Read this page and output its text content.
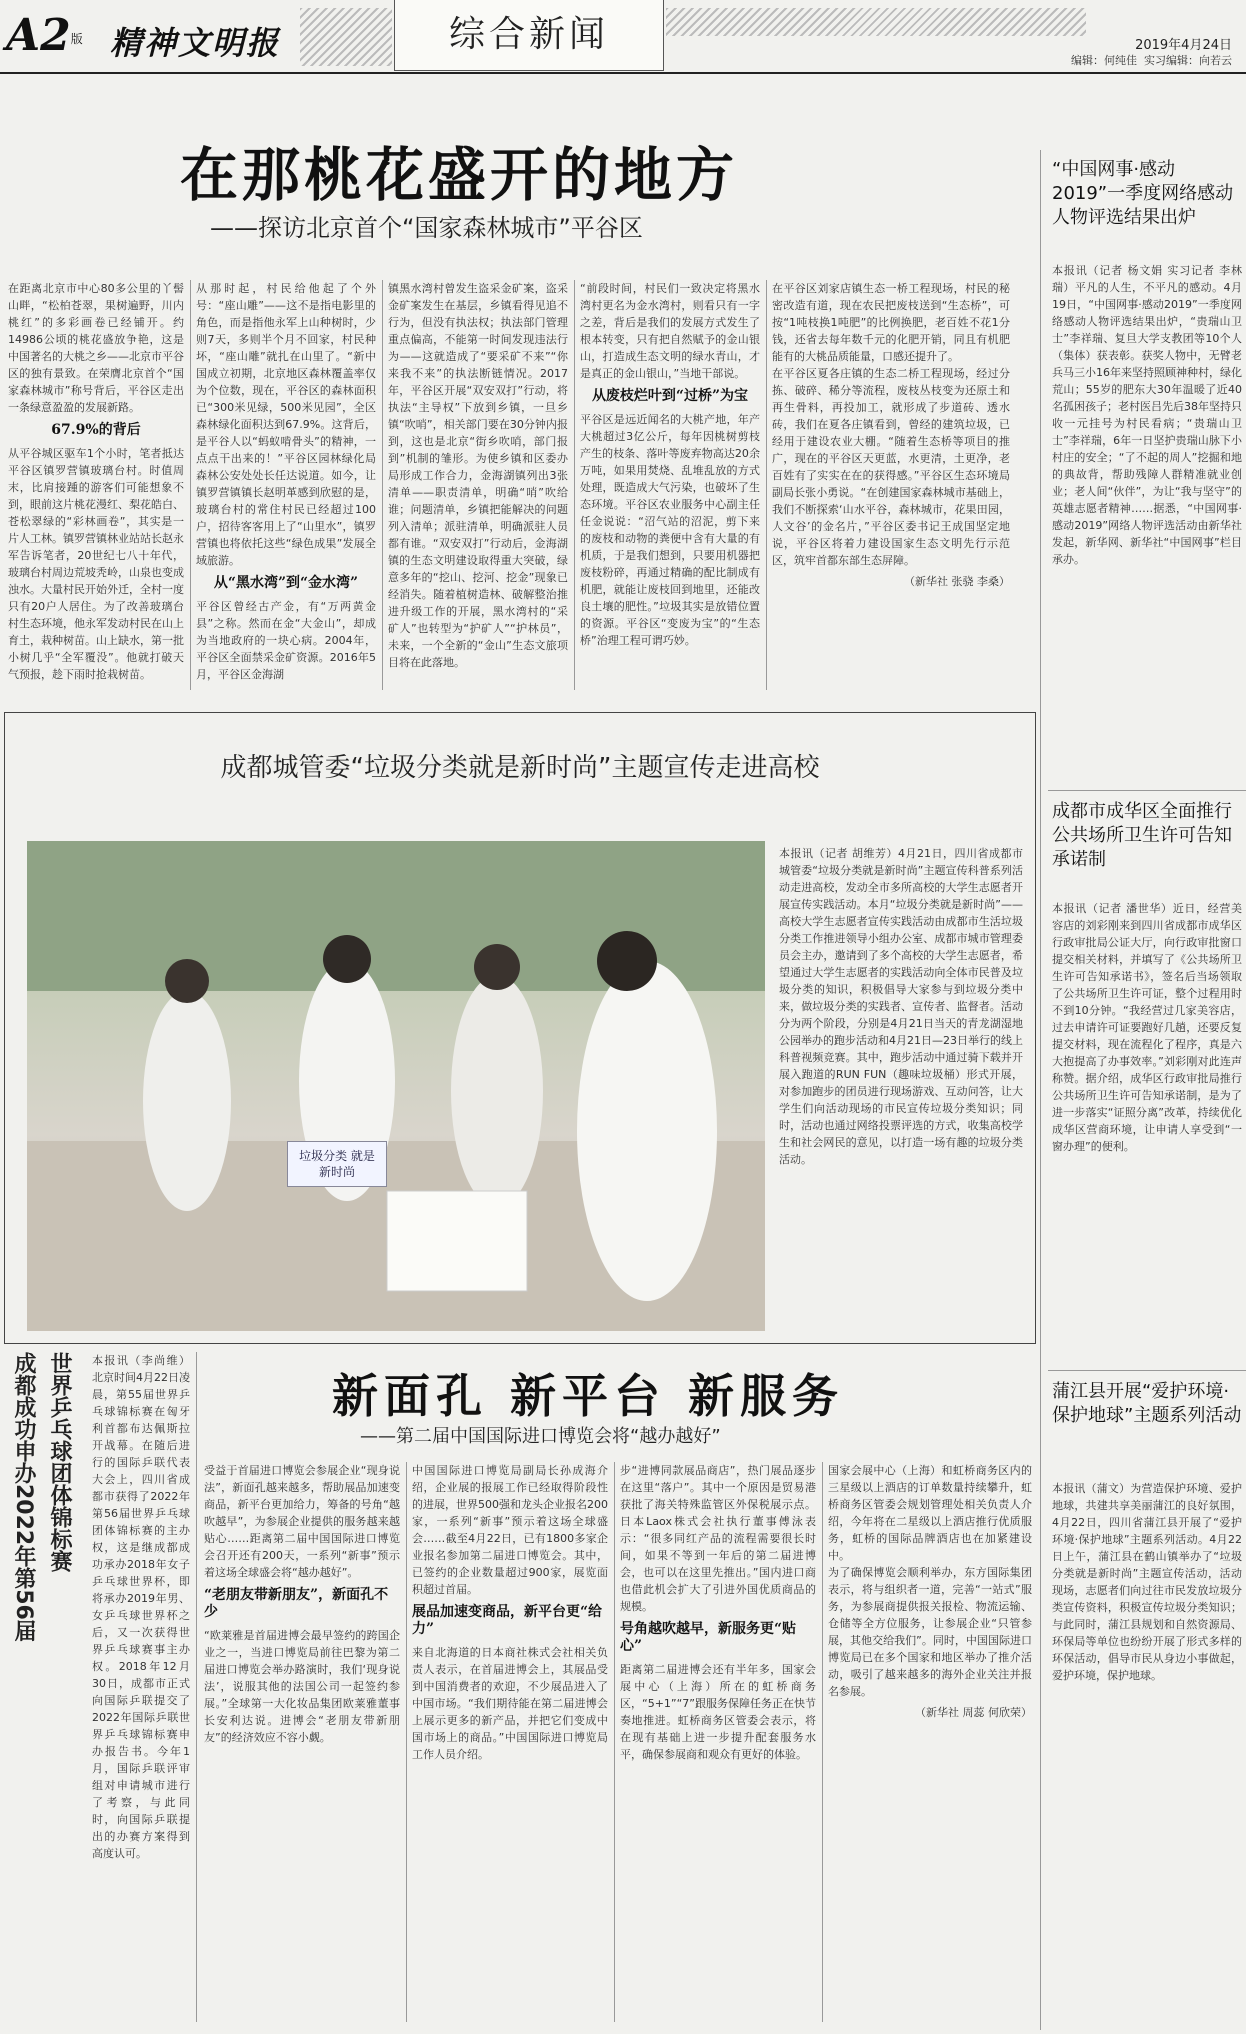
A2版 精神文明报	综合新闻	2019年4月24日
编辑：何纯佳 实习编辑：向若云
在那桃花盛开的地方
——探访北京首个“国家森林城市”平谷区

在距离北京市中心80多公里的丫髻山畔，“松柏苍翠，果树遍野，川内桃红”的多彩画卷已经铺开。约14986公顷的桃花盛放争艳，这是中国著名的大桃之乡——北京市平谷区的独有景致。在荣膺北京首个“国家森林城市”称号背后，平谷区走出一条绿意盈盈的发展新路。

67.9%的背后

从平谷城区驱车1个小时，笔者抵达平谷区镇罗营镇玻璃台村。时值周末，比肩接踵的游客们可能想象不到，眼前这片桃花漫红、梨花皓白、苍松翠绿的“彩林画卷”，其实是一片人工林。镇罗营镇林业站站长赵永军告诉笔者，20世纪七八十年代，玻璃台村周边荒坡秃岭，山泉也变成浊水。大量村民开始外迁，全村一度只有20户人居住。为了改善玻璃台村生态环境，他永军发动村民在山上育土，栽种树苗。山上缺水，第一批小树几乎“全军覆没”。他就打破天气预报，趁下雨时抢栽树苗。

从那时起，村民给他起了个外号：“座山雕”——这不是指电影里的角色，而是指他永军上山种树时，少则7天，多则半个月不回家，村民种坏，“座山雕”就扎在山里了。“新中国成立初期，北京地区森林覆盖率仅为个位数，现在，平谷区的森林面积已“300米见绿，500米见园”，全区森林绿化面积达到67.9%。这背后，是平谷人以“蚂蚁啃骨头”的精神，一点点干出来的！”平谷区园林绿化局森林公安处处长任达说道。如今，让镇罗营镇镇长赵明革感到欣慰的是，玻璃台村的常住村民已经超过100户，招待客客用上了“山里水”，镇罗营镇也将依托这些“绿色成果”发展全域旅游。

从“黑水湾”到“金水湾”

平谷区曾经古产金，有“万两黄金县”之称。然而在金“大金山”，却成为当地政府的一块心病。2004年，平谷区全面禁采金矿资源。2016年5月，平谷区金海湖

镇黑水湾村曾发生盗采金矿案，盗采金矿案发生在基层，乡镇看得见追不行为，但没有执法权；执法部门管理重点偏高，不能第一时间发现违法行为——这就造成了“要采矿不来”“你来我不来”的执法断链情况。2017年，平谷区开展“双安双打”行动，将执法“主导权”下放到乡镇，一旦乡镇“吹哨”，相关部门要在30分钟内报到，这也是北京“街乡吹哨，部门报到”机制的雏形。为使乡镇和区委办局形成工作合力，金海湖镇列出3张清单——职责清单，明确“哨”吹给谁；问题清单，乡镇把能解决的问题列入清单；派驻清单，明确派驻人员都有谁。“双安双打”行动后，金海湖镇的生态文明建设取得重大突破，绿意多年的“挖山、挖河、挖金”现象已经消失。随着植树造林、破解整治推进升级工作的开展，黑水湾村的“采矿人”也转型为“护矿人”“护林员”，未来，一个全新的“金山”生态文旅项目将在此落地。

“前段时间，村民们一致决定将黑水湾村更名为金水湾村，则看只有一字之差，背后是我们的发展方式发生了根本转变，只有把自然赋予的金山银山，打造成生态文明的绿水青山，才是真正的金山银山，”当地干部说。

从废枝烂叶到“过桥”为宝

平谷区是远近闻名的大桃产地，年产大桃超过3亿公斤，每年因桃树剪枝产生的枝条、落叶等废弃物高达20余万吨，如果用焚烧、乱堆乱放的方式处理，既造成大气污染，也破坏了生态环境。平谷区农业服务中心副主任任金说说：“沼气站的沼泥，剪下来的废枝和动物的粪便中含有大量的有机质，于是我们想到，只要用机器把废枝粉碎，再通过精确的配比制成有机肥，就能让废枝回到地里，还能改良土壤的肥性。”垃圾其实是放错位置的资源。平谷区“变废为宝”的“生态桥”治理工程可谓巧妙。

在平谷区刘家店镇生态一桥工程现场，村民的秘密改造有道，现在农民把废枝送到“生态桥”，可按“1吨枝换1吨肥”的比例换肥，老百姓不花1分钱，还省去每年数千元的化肥开销，同且有机肥能有的大桃品质能量，口感还提升了。

在平谷区夏各庄镇的生态二桥工程现场，经过分拣、破碎、稀分等流程，废枝丛枝变为还原土和再生骨料，再投加工，就形成了步道砖、透水砖，我们在夏各庄镇看到，曾经的建筑垃圾，已经用于建设农业大棚。“随着生态桥等项目的推广，现在的平谷区天更蓝，水更清，土更净，老百姓有了实实在在的获得感。”平谷区生态环境局副局长张小勇说。“在创建国家森林城市基础上，我们不断探索‘山水平谷，森林城市，花果田园，人文谷’的金名片，”平谷区委书记王成国坚定地说，平谷区将着力建设国家生态文明先行示范区，筑牢首都东部生态屏障。

（新华社 张骁 李桑）
“中国网事·感动2019”一季度网络感动人物评选结果出炉

本报讯（记者 杨文娟 实习记者 李林瑞）平凡的人生，不平凡的感动。4月19日，“中国网事·感动2019”一季度网络感动人物评选结果出炉，“贵瑞山卫士”李祥瑞、复旦大学支教团等10个人（集体）获表彰。获奖人物中，无臂老兵马三小16年来坚持照顾神种村，绿化荒山；55岁的肥东大30年温暖了近40名孤困孩子；老村医吕先后38年坚持只收一元挂号为村民看病；“贵瑞山卫士”李祥瑞，6年一日坚护贵瑞山脉下小村庄的安全；“了不起的周人”挖掘和地的典故背，帮助残障人群精准就业创业；老人间“伙伴”，为让“我与坚守”的英雄志愿者精神……据悉，“中国网事·感动2019”网络人物评选活动由新华社发起，新华网、新华社“中国网事”栏目承办。

成都市成华区全面推行公共场所卫生许可告知承诺制

本报讯（记者 潘世华）近日，经营美容店的刘彩刚来到四川省成都市成华区行政审批局公证大厅，向行政审批窗口提交相关材料，并填写了《公共场所卫生许可告知承诺书》，签名后当场领取了公共场所卫生许可证，整个过程用时不到10分钟。“我经营过几家美容店，过去申请许可证要跑好几趟，还要反复提交材料，现在流程化了程序，真是六大抱提高了办事效率。”刘彩刚对此连声称赞。据介绍，成华区行政审批局推行公共场所卫生许可告知承诺制，是为了进一步落实“证照分离”改革，持续优化成华区营商环境，让申请人享受到“一窗办理”的便利。

蒲江县开展“爱护环境·保护地球”主题系列活动

本报讯（蒲文）为营造保护环境、爱护地球，共建共享美丽蒲江的良好氛围，4月22日，四川省蒲江县开展了“爱护环境·保护地球”主题系列活动。4月22日上午，蒲江县在鹤山镇举办了“垃圾分类就是新时尚”主题宣传活动，活动现场，志愿者们向过往市民发放垃圾分类宣传资料，积极宣传垃圾分类知识；与此同时，蒲江县规划和自然资源局、环保局等单位也纷纷开展了形式多样的环保活动，倡导市民从身边小事做起，爱护环境，保护地球。

成都城管委“垃圾分类就是新时尚”主题宣传走进高校
垃圾分类 就是新时尚

本报讯（记者 胡维芳）4月21日，四川省成都市城管委“垃圾分类就是新时尚”主题宣传科普系列活动走进高校，发动全市多所高校的大学生志愿者开展宣传实践活动。本月“垃圾分类就是新时尚”——高校大学生志愿者宣传实践活动由成都市生活垃圾分类工作推进领导小组办公室、成都市城市管理委员会主办，邀请到了多个高校的大学生志愿者，希望通过大学生志愿者的实践活动向全体市民普及垃圾分类的知识，积极倡导大家参与到垃圾分类中来，做垃圾分类的实践者、宣传者、监督者。活动分为两个阶段，分别是4月21日当天的青龙湖湿地公园举办的跑步活动和4月21日—23日举行的线上科普视频竞赛。其中，跑步活动中通过骑下载并开展入跑道的RUN FUN（趣味垃圾桶）形式开展，对参加跑步的团员进行现场游戏、互动问答，让大学生们向活动现场的市民宣传垃圾分类知识；同时，活动也通过网络投票评选的方式，收集高校学生和社会网民的意见，以打造一场有趣的垃圾分类活动。

成都成功申办2022年第56届 世界乒乓球团体锦标赛	本报讯（李尚维）北京时间4月22日凌晨，第55届世界乒乓球锦标赛在匈牙利首都布达佩斯拉开战幕。在随后进行的国际乒联代表大会上，四川省成都市获得了2022年第56届世界乒乓球团体锦标赛的主办权，这是继成都成功承办2018年女子乒乓球世界杯，即将承办2019年男、女乒乓球世界杯之后，又一次获得世界乒乓球赛事主办权。2018年12月30日，成都市正式向国际乒联提交了2022年国际乒联世界乒乓球锦标赛申办报告书。今年1月，国际乒联评审组对申请城市进行了考察，与此同时，向国际乒联提出的办赛方案得到高度认可。

新面孔 新平台 新服务
——第二届中国国际进口博览会将“越办越好”

受益于首届进口博览会参展企业“现身说法”，新面孔越来越多，帮助展品加速变商品，新平台更加给力，筹备的号角“越吹越早”，为参展企业提供的服务越来越贴心……距离第二届中国国际进口博览会召开还有200天，一系列“新事”预示着这场全球盛会将“越办越好”。

“老朋友带新朋友”，新面孔不少

“欧莱雅是首届进博会最早签约的跨国企业之一，当进口博览局前往巴黎为第二届进口博览会举办路演时，我们‘现身说法’，说服其他的法国公司一起签约参展。”全球第一大化妆品集团欧莱雅董事长安利达说。进博会“老朋友带新朋友”的经济效应不容小觑。

中国国际进口博览局副局长孙成海介绍，企业展的报展工作已经取得阶段性的进展，世界500强和龙头企业报名200家，一系列“新事”预示着这场全球盛会……截至4月22日，已有1800多家企业报名参加第二届进口博览会。其中，已签约的企业数量超过900家，展览面积超过首届。

展品加速变商品，新平台更“给力”

来自北海道的日本商社株式会社相关负责人表示，在首届进博会上，其展品受到中国消费者的欢迎，不少展品进入了中国市场。“我们期待能在第二届进博会上展示更多的新产品，并把它们变成中国市场上的商品。”中国国际进口博览局工作人员介绍。

步“进博同款展品商店”，热门展品逐步在这里“落户”。其中一个原因是贸易港获批了海关特殊监管区外保税展示点。日本Laox株式会社执行董事傅泳表示：“很多同红产品的流程需要很长时间，如果不等到一年后的第二届进博会，也可以在这里先推出。”国内进口商也借此机会扩大了引进外国优质商品的规模。

号角越吹越早，新服务更“贴心”

距离第二届进博会还有半年多，国家会展中心（上海）所在的虹桥商务区，“5+1”“7”跟服务保障任务正在快节奏地推进。虹桥商务区管委会表示，将在现有基础上进一步提升配套服务水平，确保参展商和观众有更好的体验。

国家会展中心（上海）和虹桥商务区内的三星级以上酒店的订单数量持续攀升，虹桥商务区管委会规划管理处相关负责人介绍，今年将在二星级以上酒店推行优质服务，虹桥的国际品牌酒店也在加紧建设中。

为了确保博览会顺利举办，东方国际集团表示，将与组织者一道，完善“一站式”服务，为参展商提供报关报检、物流运输、仓储等全方位服务，让参展企业“只管参展，其他交给我们”。同时，中国国际进口博览局已在多个国家和地区举办了推介活动，吸引了越来越多的海外企业关注并报名参展。

（新华社 周蕊 何欣荣）
